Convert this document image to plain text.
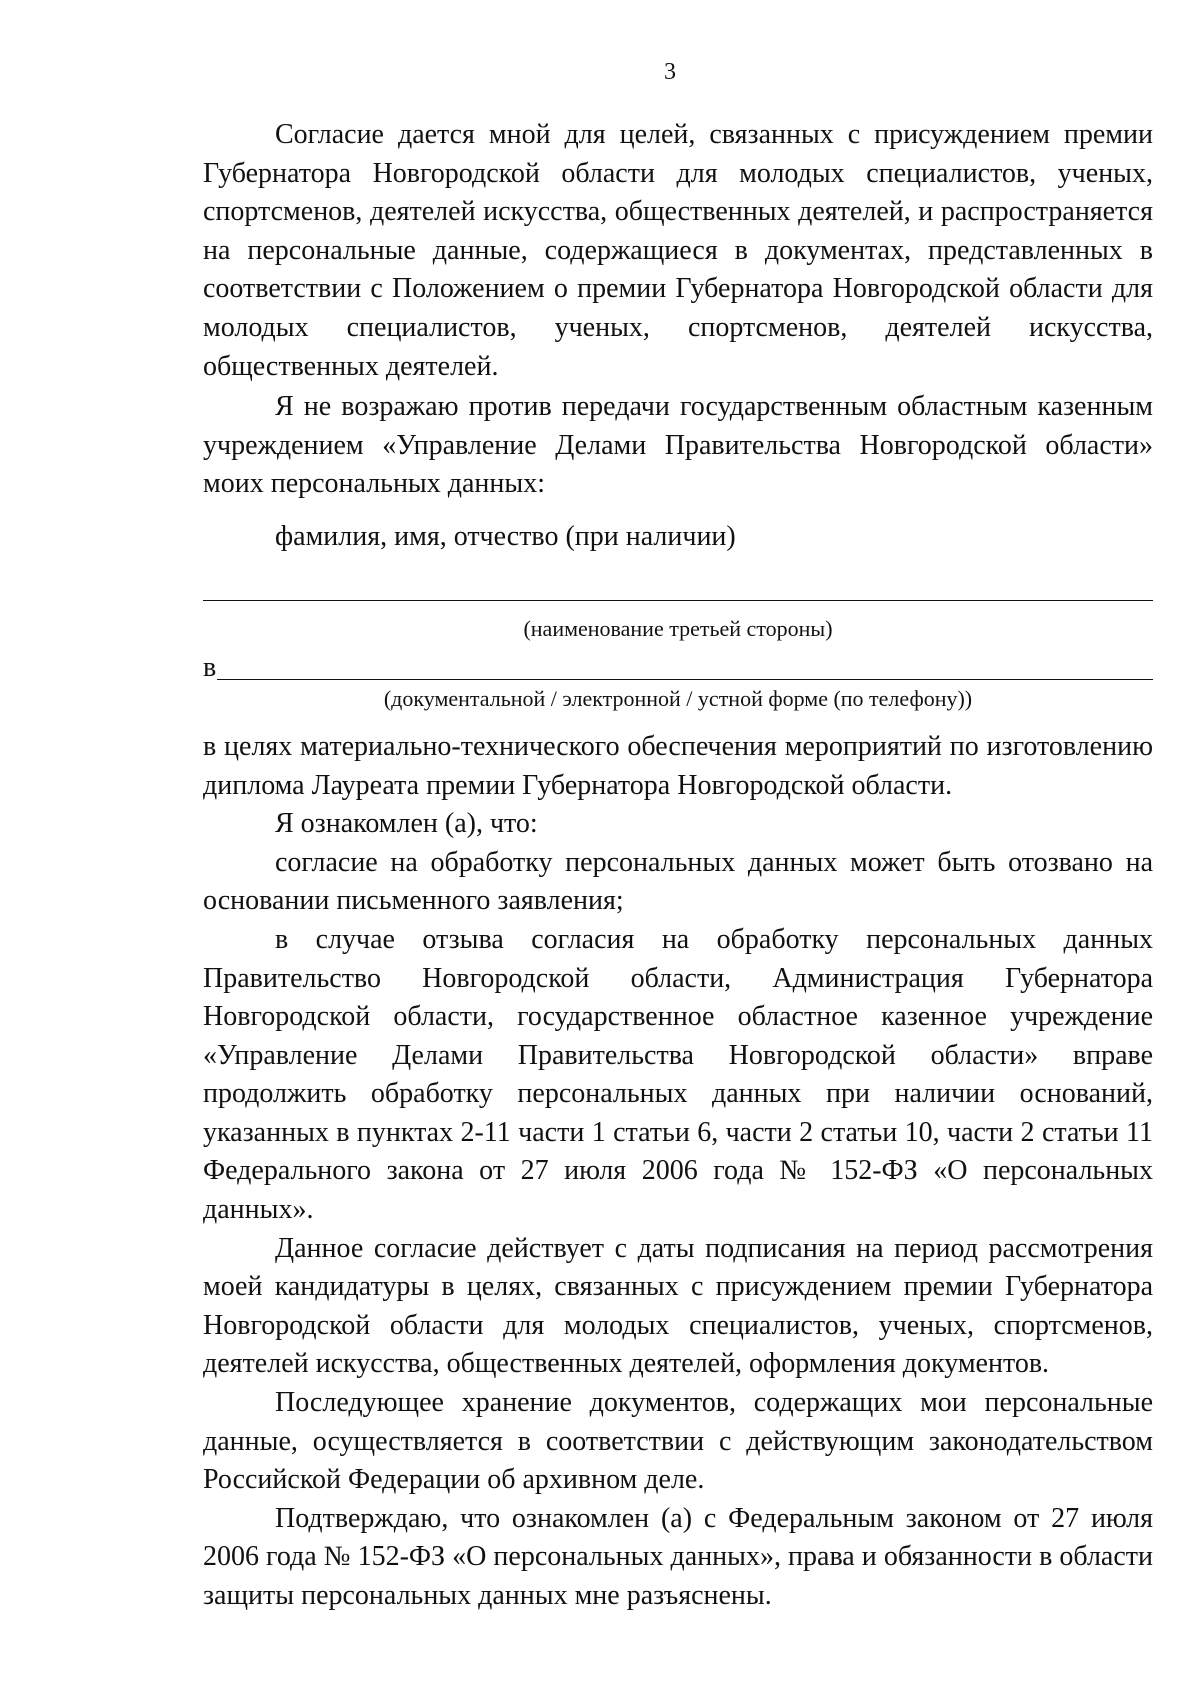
3

Согласие дается мной для целей, связанных с присуждением премии Губернатора Новгородской области для молодых специалистов, ученых, спортсменов, деятелей искусства, общественных деятелей, и распространяется на персональные данные, содержащиеся в документах, представленных в соответствии с Положением о премии Губернатора Новгородской области для молодых специалистов, ученых, спортсменов, деятелей искусства, общественных деятелей.

Я не возражаю против передачи государственным областным казенным учреждением «Управление Делами Правительства Новгородской области» моих персональных данных:

фамилия, имя, отчество (при наличии)

(наименование третьей стороны)

в

(документальной / электронной / устной форме (по телефону))

в целях материально-технического обеспечения мероприятий по изготовлению диплома Лауреата премии Губернатора Новгородской области.

Я ознакомлен (а), что:

согласие на обработку персональных данных может быть отозвано на основании письменного заявления;

в случае отзыва согласия на обработку персональных данных Правительство Новгородской области, Администрация Губернатора Новгородской области, государственное областное казенное учреждение «Управление Делами Правительства Новгородской области» вправе продолжить обработку персональных данных при наличии оснований, указанных в пунктах 2-11 части 1 статьи 6, части 2 статьи 10, части 2 статьи 11 Федерального закона от 27 июля 2006 года № 152-ФЗ «О персональных данных».

Данное согласие действует с даты подписания на период рассмотрения моей кандидатуры в целях, связанных с присуждением премии Губернатора Новгородской области для молодых специалистов, ученых, спортсменов, деятелей искусства, общественных деятелей, оформления документов.

Последующее хранение документов, содержащих мои персональные данные, осуществляется в соответствии с действующим законодательством Российской Федерации об архивном деле.

Подтверждаю, что ознакомлен (а) с Федеральным законом от 27 июля 2006 года № 152-ФЗ «О персональных данных», права и обязанности в области защиты персональных данных мне разъяснены.
